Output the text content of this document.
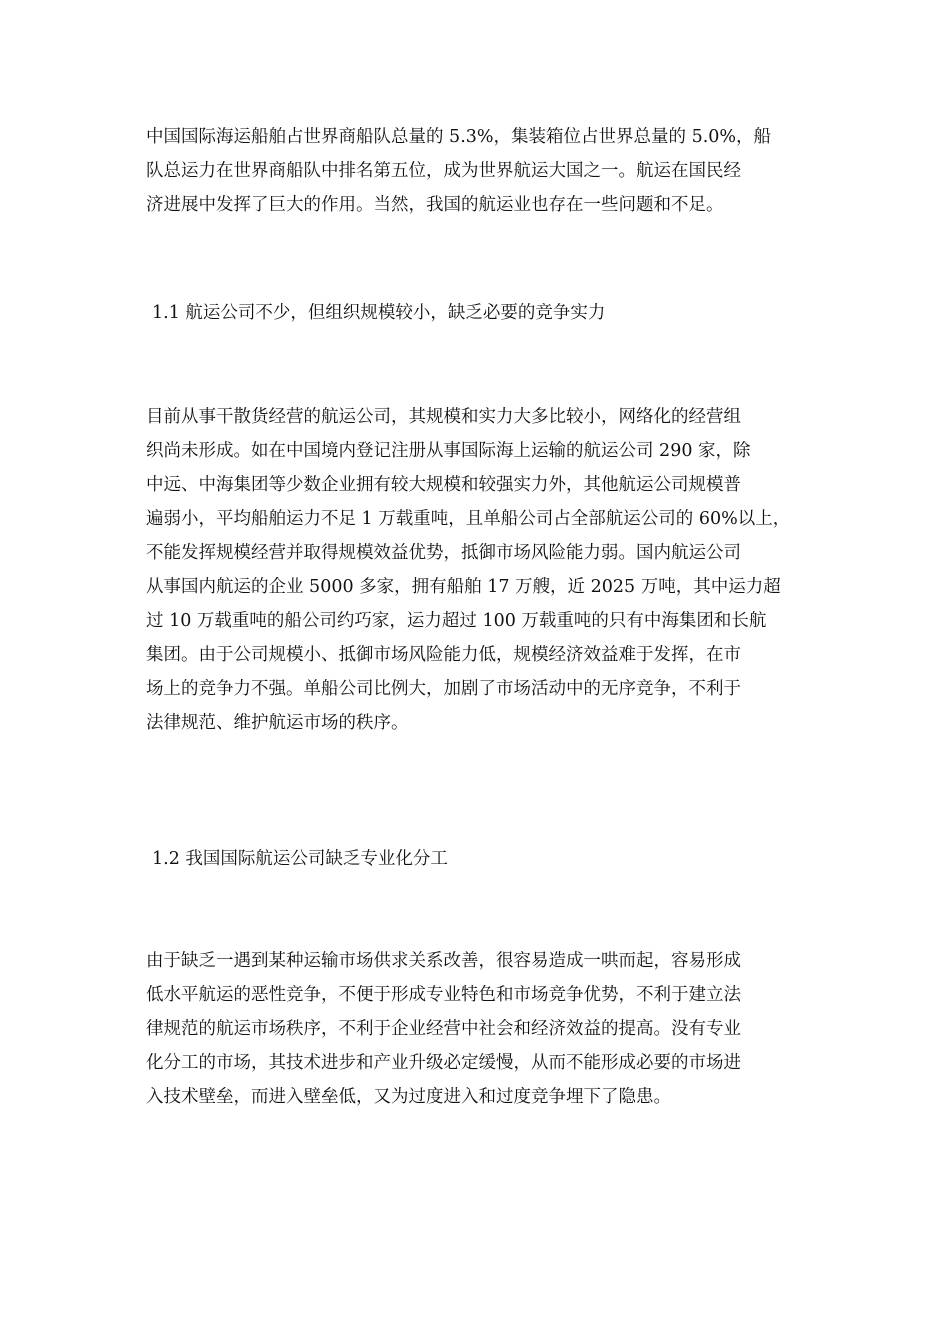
中国国际海运船舶占世界商船队总量的 5.3%，集装箱位占世界总量的 5.0%，船
队总运力在世界商船队中排名第五位，成为世界航运大国之一。航运在国民经
济进展中发挥了巨大的作用。当然，我国的航运业也存在一些问题和不足。
1.1 航运公司不少，但组织规模较小，缺乏必要的竞争实力
目前从事干散货经营的航运公司，其规模和实力大多比较小，网络化的经营组
织尚未形成。如在中国境内登记注册从事国际海上运输的航运公司 290 家，除
中远、中海集团等少数企业拥有较大规模和较强实力外，其他航运公司规模普
遍弱小，平均船舶运力不足 1 万载重吨，且单船公司占全部航运公司的 60%以上，
不能发挥规模经营并取得规模效益优势，抵御市场风险能力弱。国内航运公司
从事国内航运的企业 5000 多家，拥有船舶 17 万艘，近 2025 万吨，其中运力超
过 10 万载重吨的船公司约巧家，运力超过 100 万载重吨的只有中海集团和长航
集团。由于公司规模小、抵御市场风险能力低，规模经济效益难于发挥，在市
场上的竞争力不强。单船公司比例大，加剧了市场活动中的无序竞争，不利于
法律规范、维护航运市场的秩序。
1.2 我国国际航运公司缺乏专业化分工
由于缺乏一遇到某种运输市场供求关系改善，很容易造成一哄而起，容易形成
低水平航运的恶性竞争，不便于形成专业特色和市场竞争优势，不利于建立法
律规范的航运市场秩序，不利于企业经营中社会和经济效益的提高。没有专业
化分工的市场，其技术进步和产业升级必定缓慢，从而不能形成必要的市场进
入技术壁垒，而进入壁垒低，又为过度进入和过度竞争埋下了隐患。
